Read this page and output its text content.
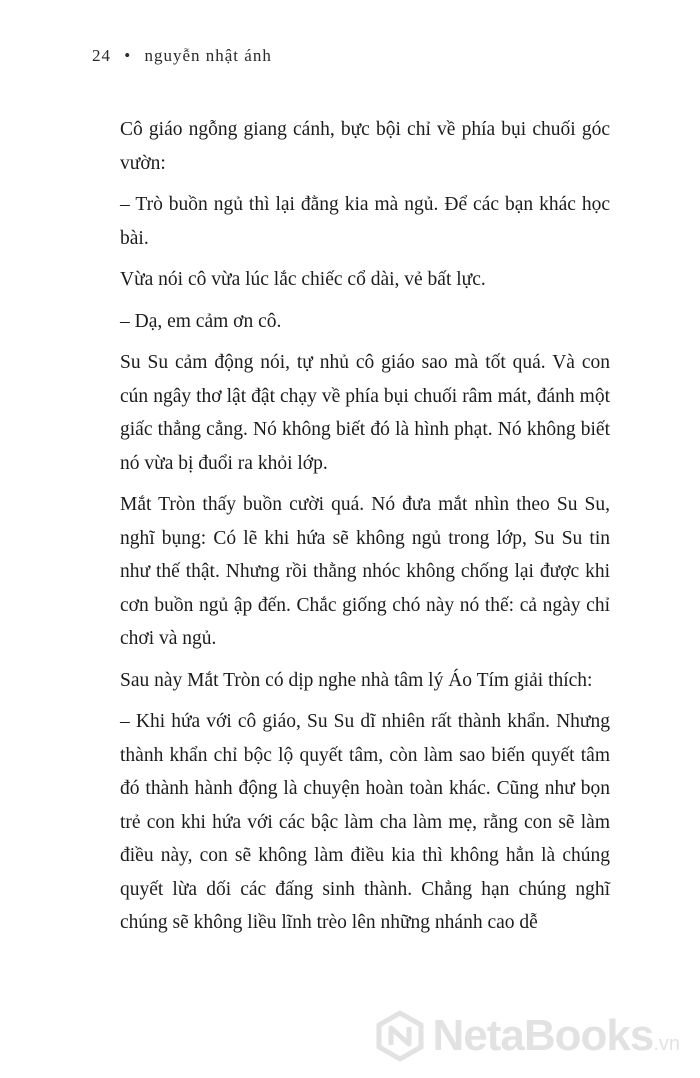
24 • nguyễn nhật ánh

Cô giáo ngỗng giang cánh, bực bội chỉ về phía bụi chuối góc vườn:

– Trò buồn ngủ thì lại đằng kia mà ngủ. Để các bạn khác học bài.

Vừa nói cô vừa lúc lắc chiếc cổ dài, vẻ bất lực.

– Dạ, em cảm ơn cô.

Su Su cảm động nói, tự nhủ cô giáo sao mà tốt quá. Và con cún ngây thơ lật đật chạy về phía bụi chuối râm mát, đánh một giấc thẳng cẳng. Nó không biết đó là hình phạt. Nó không biết nó vừa bị đuổi ra khỏi lớp.

Mắt Tròn thấy buồn cười quá. Nó đưa mắt nhìn theo Su Su, nghĩ bụng: Có lẽ khi hứa sẽ không ngủ trong lớp, Su Su tin như thế thật. Nhưng rồi thằng nhóc không chống lại được khi cơn buồn ngủ ập đến. Chắc giống chó này nó thế: cả ngày chỉ chơi và ngủ.

Sau này Mắt Tròn có dịp nghe nhà tâm lý Áo Tím giải thích:

– Khi hứa với cô giáo, Su Su dĩ nhiên rất thành khẩn. Nhưng thành khẩn chỉ bộc lộ quyết tâm, còn làm sao biến quyết tâm đó thành hành động là chuyện hoàn toàn khác. Cũng như bọn trẻ con khi hứa với các bậc làm cha làm mẹ, rằng con sẽ làm điều này, con sẽ không làm điều kia thì không hẳn là chúng quyết lừa dối các đấng sinh thành. Chẳng hạn chúng nghĩ chúng sẽ không liều lĩnh trèo lên những nhánh cao dễ

NetaBooks.vn
